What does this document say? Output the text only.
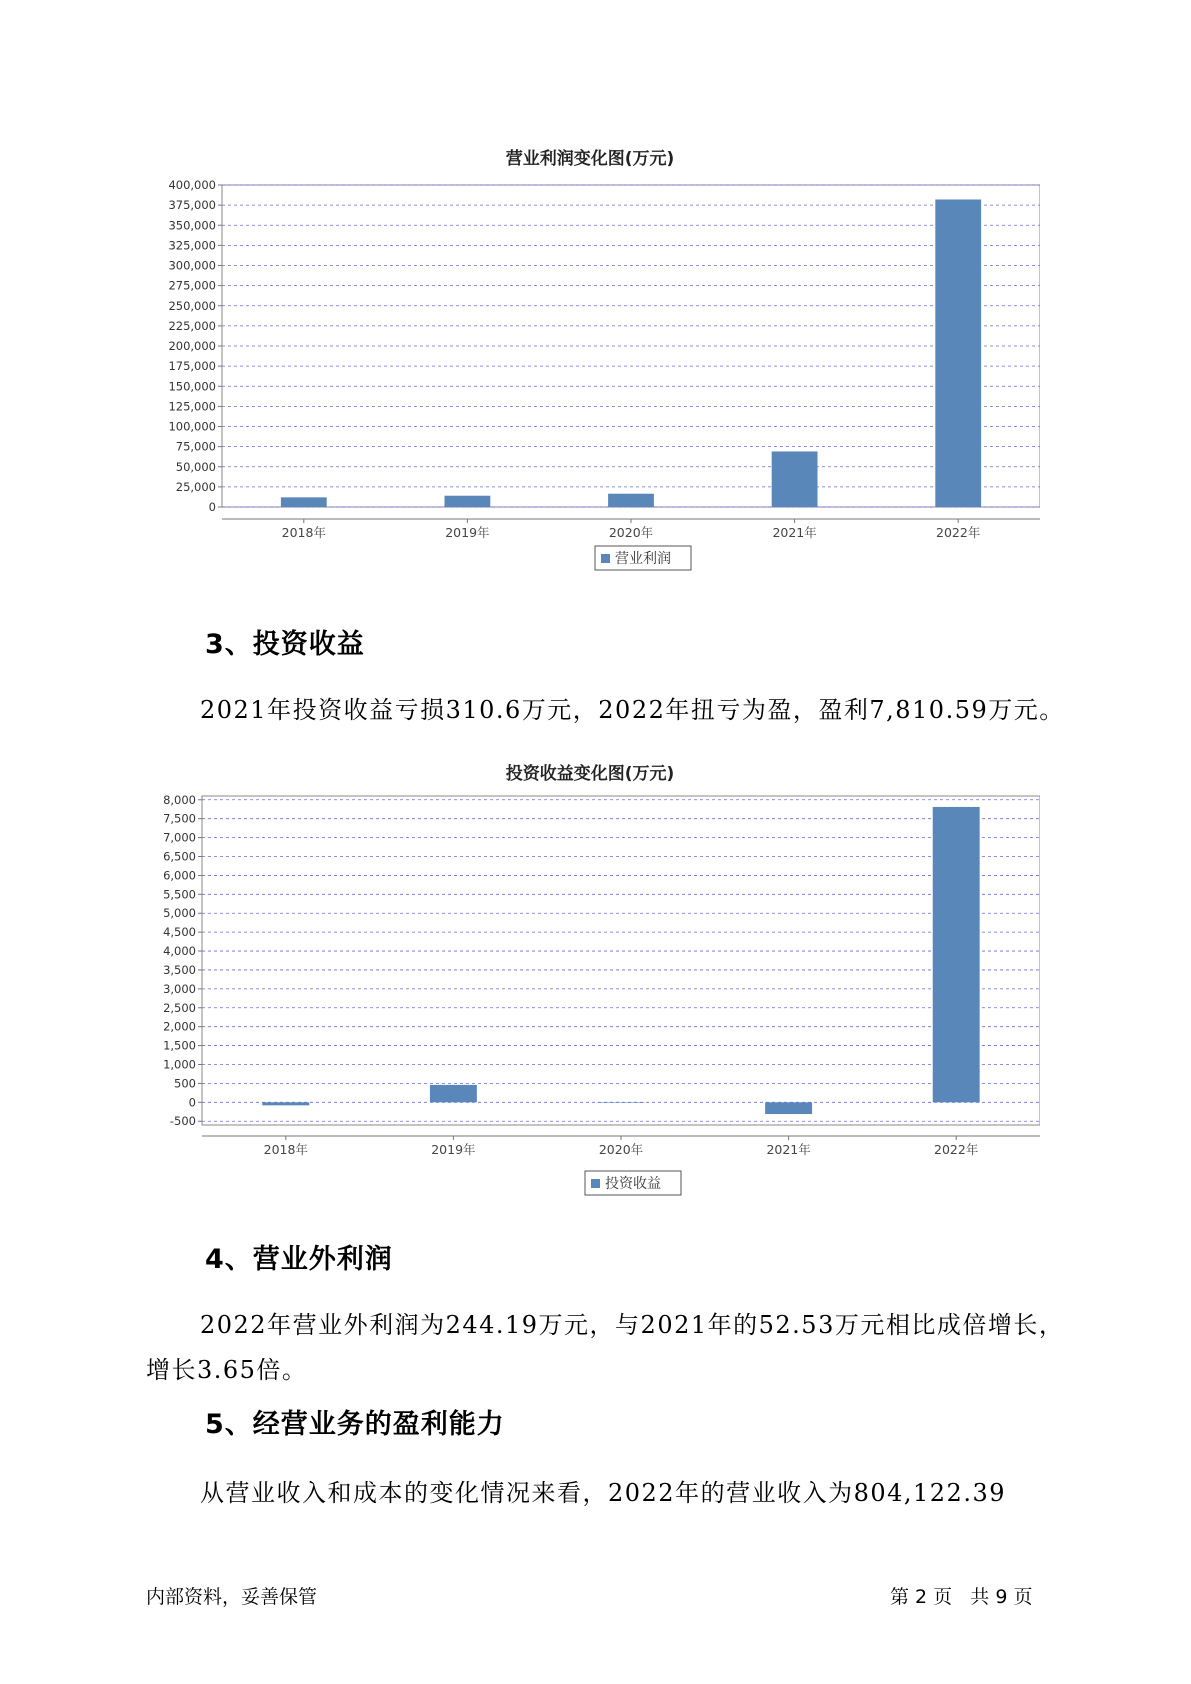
营业利润变化图(万元)
0
25,000
50,000
75,000
100,000
125,000
150,000
175,000
200,000
225,000
250,000
275,000
300,000
325,000
350,000
375,000
400,000
2018年	2019年	2020年	2021年	2022年
营业利润
3、投资收益
2021年投资收益亏损310.6万元，2022年扭亏为盈，盈利7,810.59万元。
投资收益变化图(万元)
-500
0
500
1,000
1,500
2,000
2,500
3,000
3,500
4,000
4,500
5,000
5,500
6,000
6,500
7,000
7,500
8,000
2018年	2019年	2020年	2021年	2022年
投资收益
4、营业外利润
2022年营业外利润为244.19万元，与2021年的52.53万元相比成倍增长，
增长3.65倍。
5、经营业务的盈利能力
从营业收入和成本的变化情况来看，2022年的营业收入为804,122.39
内部资料，妥善保管	第 2 页   共 9 页
